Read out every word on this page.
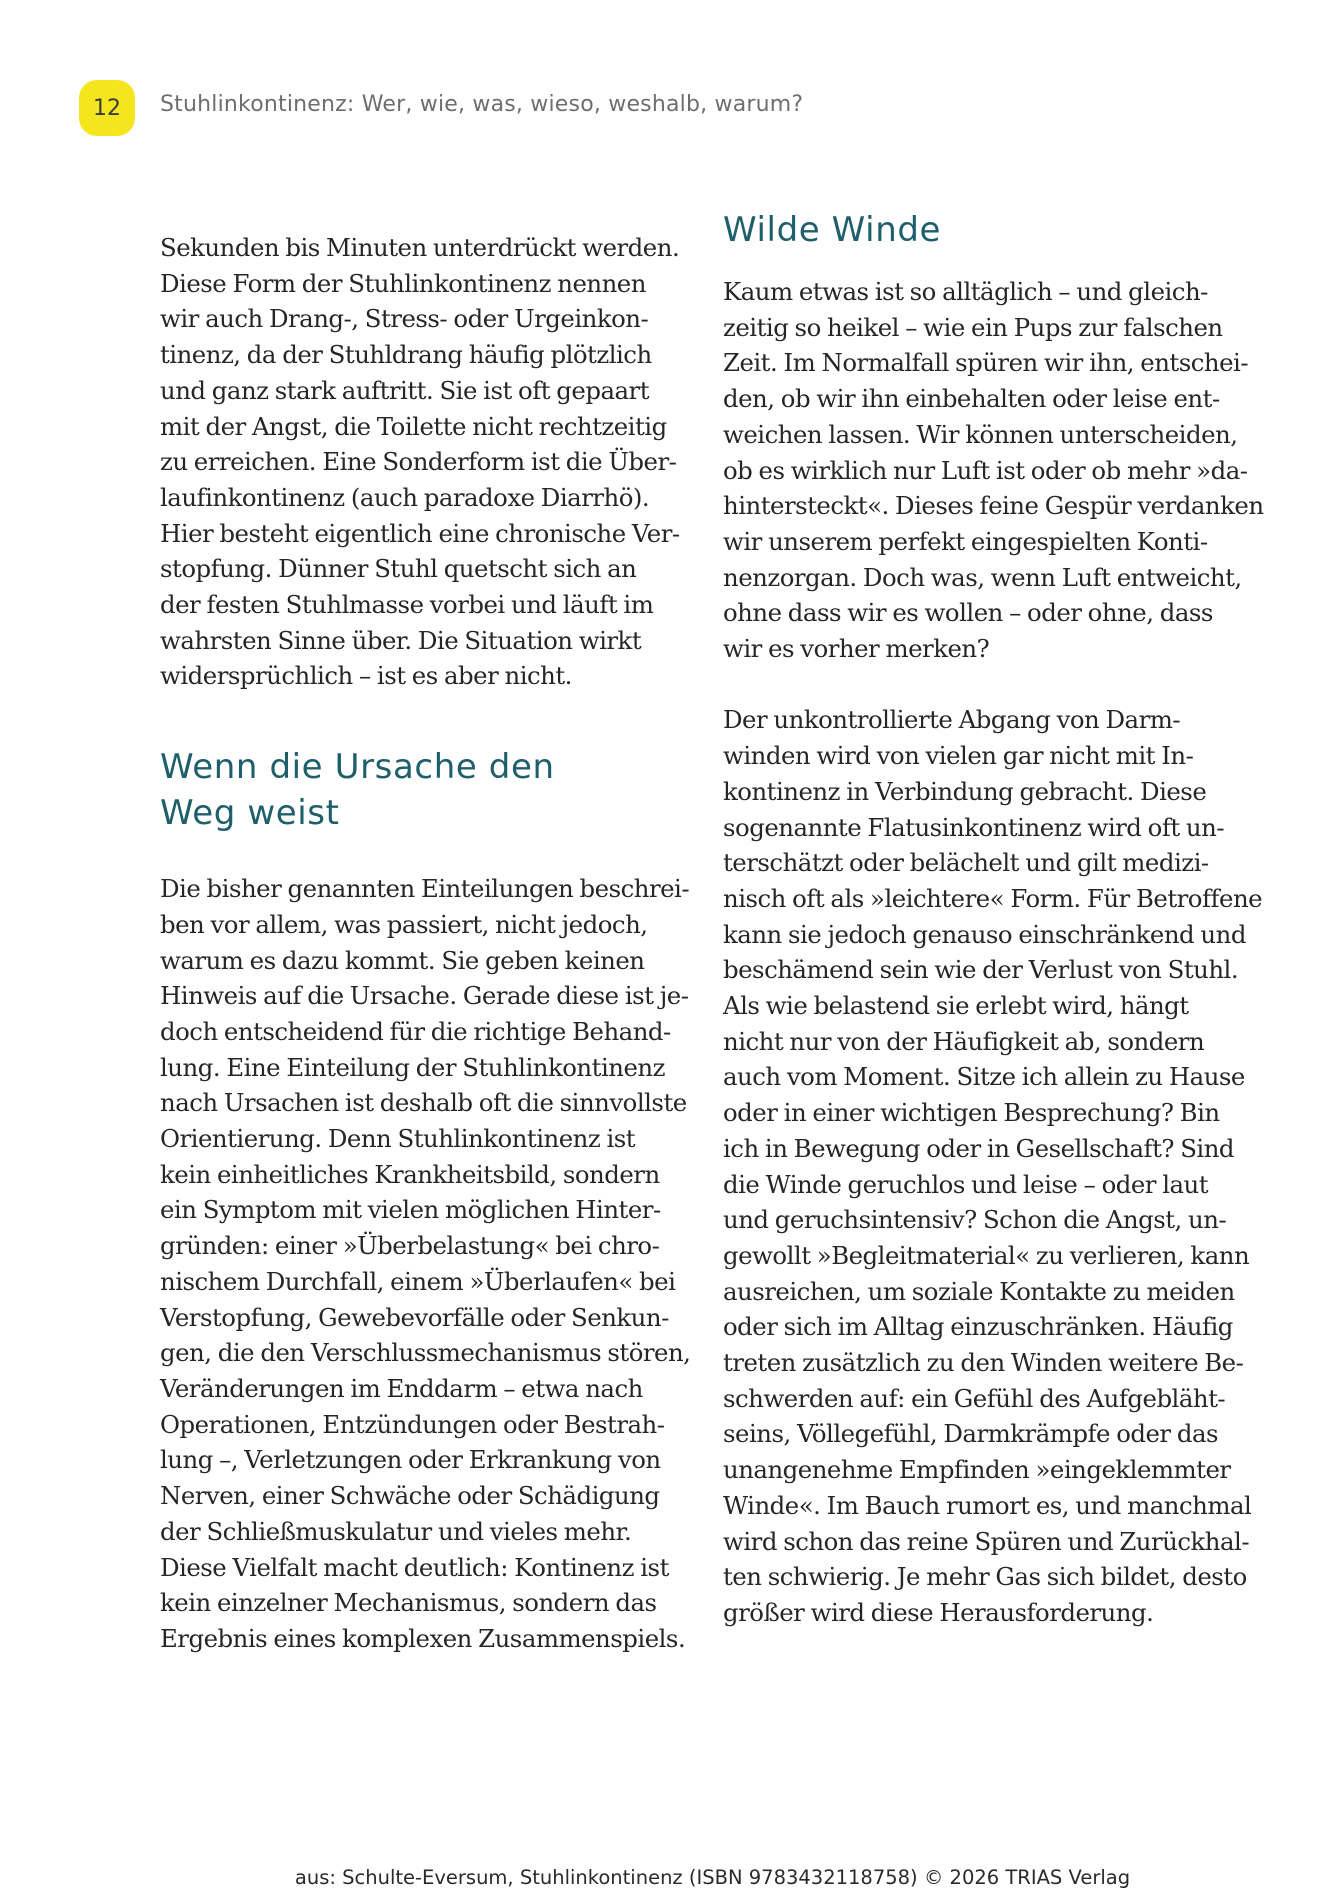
12 Stuhlinkontinenz: Wer, wie, was, wieso, weshalb, warum?

Sekunden bis Minuten unterdrückt werden.
Diese Form der Stuhlinkontinenz nennen
wir auch Drang-, Stress- oder Urgeinkon-
tinenz, da der Stuhldrang häufig plötzlich
und ganz stark auftritt. Sie ist oft gepaart
mit der Angst, die Toilette nicht rechtzeitig
zu erreichen. Eine Sonderform ist die Über-
laufinkontinenz (auch paradoxe Diarrhö).
Hier besteht eigentlich eine chronische Ver-
stopfung. Dünner Stuhl quetscht sich an
der festen Stuhlmasse vorbei und läuft im
wahrsten Sinne über. Die Situation wirkt
widersprüchlich – ist es aber nicht.

Wenn die Ursache den
Weg weist

Die bisher genannten Einteilungen beschrei-
ben vor allem, was passiert, nicht jedoch,
warum es dazu kommt. Sie geben keinen
Hinweis auf die Ursache. Gerade diese ist je-
doch entscheidend für die richtige Behand-
lung. Eine Einteilung der Stuhlinkontinenz
nach Ursachen ist deshalb oft die sinnvollste
Orientierung. Denn Stuhlinkontinenz ist
kein einheitliches Krankheitsbild, sondern
ein Symptom mit vielen möglichen Hinter-
gründen: einer »Überbelastung« bei chro-
nischem Durchfall, einem »Überlaufen« bei
Verstopfung, Gewebevorfälle oder Senkun-
gen, die den Verschlussmechanismus stören,
Veränderungen im Enddarm – etwa nach
Operationen, Entzündungen oder Bestrah-
lung –, Verletzungen oder Erkrankung von
Nerven, einer Schwäche oder Schädigung
der Schließmuskulatur und vieles mehr.
Diese Vielfalt macht deutlich: Kontinenz ist
kein einzelner Mechanismus, sondern das
Ergebnis eines komplexen Zusammenspiels.

Wilde Winde

Kaum etwas ist so alltäglich – und gleich-
zeitig so heikel – wie ein Pups zur falschen
Zeit. Im Normalfall spüren wir ihn, entschei-
den, ob wir ihn einbehalten oder leise ent-
weichen lassen. Wir können unterscheiden,
ob es wirklich nur Luft ist oder ob mehr »da-
hintersteckt«. Dieses feine Gespür verdanken
wir unserem perfekt eingespielten Konti-
nenzorgan. Doch was, wenn Luft entweicht,
ohne dass wir es wollen – oder ohne, dass
wir es vorher merken?

Der unkontrollierte Abgang von Darm-
winden wird von vielen gar nicht mit In-
kontinenz in Verbindung gebracht. Diese
sogenannte Flatusinkontinenz wird oft un-
terschätzt oder belächelt und gilt medizi-
nisch oft als »leichtere« Form. Für Betroffene
kann sie jedoch genauso einschränkend und
beschämend sein wie der Verlust von Stuhl.
Als wie belastend sie erlebt wird, hängt
nicht nur von der Häufigkeit ab, sondern
auch vom Moment. Sitze ich allein zu Hause
oder in einer wichtigen Besprechung? Bin
ich in Bewegung oder in Gesellschaft? Sind
die Winde geruchlos und leise – oder laut
und geruchsintensiv? Schon die Angst, un-
gewollt »Begleitmaterial« zu verlieren, kann
ausreichen, um soziale Kontakte zu meiden
oder sich im Alltag einzuschränken. Häufig
treten zusätzlich zu den Winden weitere Be-
schwerden auf: ein Gefühl des Aufgebläht-
seins, Völlegefühl, Darmkrämpfe oder das
unangenehme Empfinden »eingeklemmter
Winde«. Im Bauch rumort es, und manchmal
wird schon das reine Spüren und Zurückhal-
ten schwierig. Je mehr Gas sich bildet, desto
größer wird diese Herausforderung.

aus: Schulte-Eversum, Stuhlinkontinenz (ISBN 9783432118758) © 2026 TRIAS Verlag
